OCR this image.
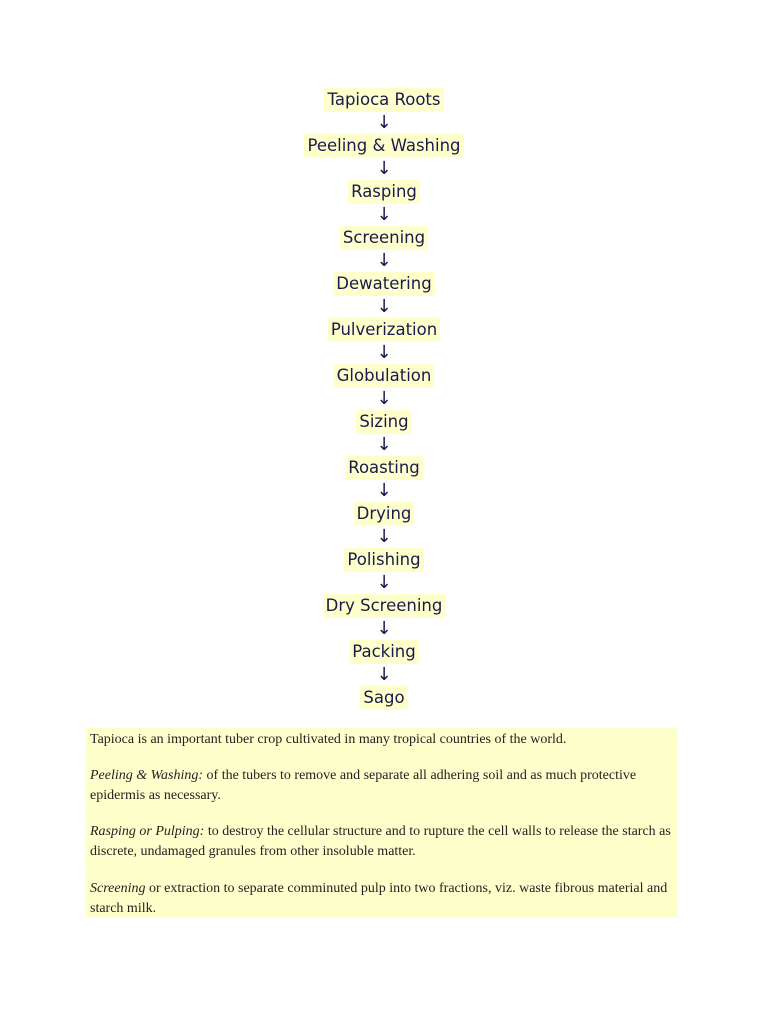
Tapioca Roots
↓
Peeling & Washing
↓
Rasping
↓
Screening
↓
Dewatering
↓
Pulverization
↓
Globulation
↓
Sizing
↓
Roasting
↓
Drying
↓
Polishing
↓
Dry Screening
↓
Packing
↓
Sago

Tapioca is an important tuber crop cultivated in many tropical countries of the world.

Peeling & Washing: of the tubers to remove and separate all adhering soil and as much protective epidermis as necessary.

Rasping or Pulping: to destroy the cellular structure and to rupture the cell walls to release the starch as discrete, undamaged granules from other insoluble matter.

Screening or extraction to separate comminuted pulp into two fractions, viz. waste fibrous material and starch milk.
